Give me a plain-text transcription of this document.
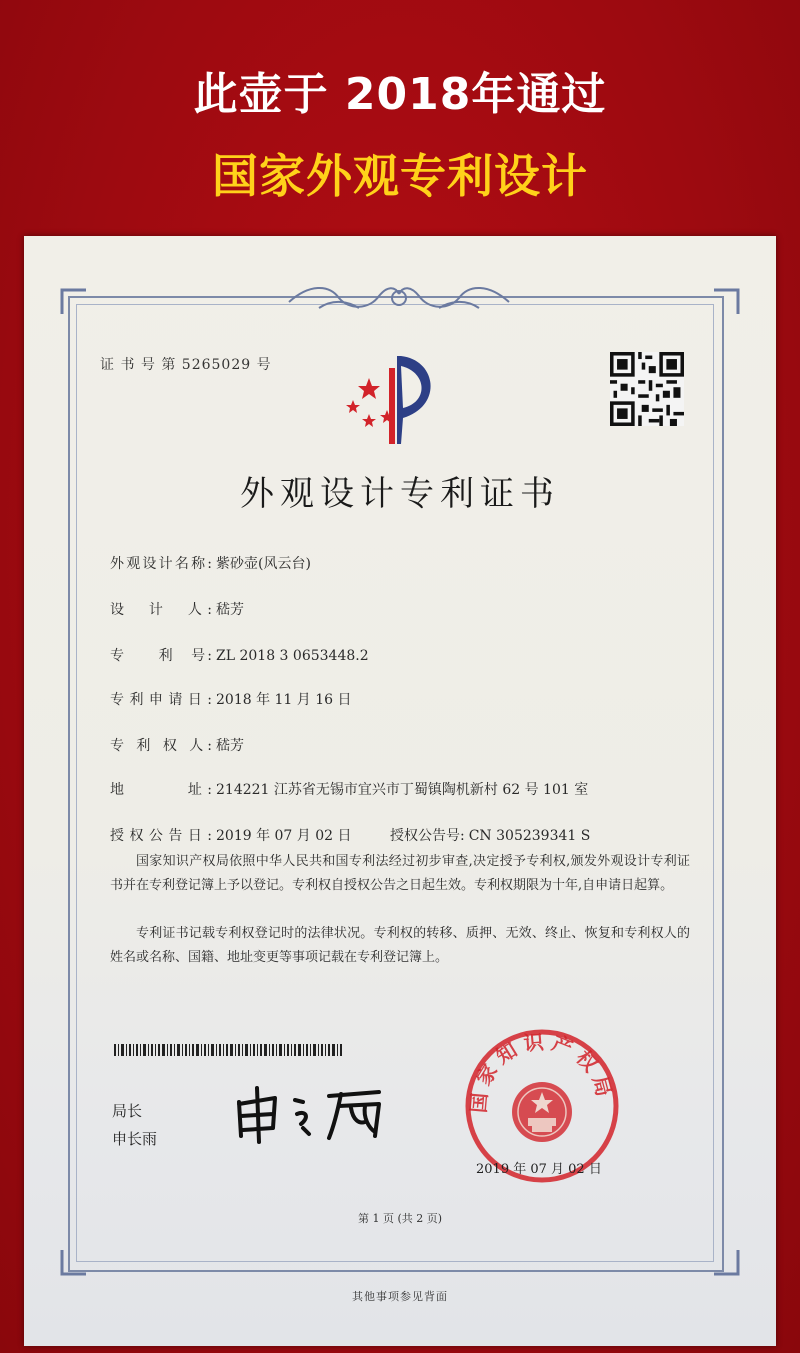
此壶于 2018年通过
国家外观专利设计
证 书 号 第 5265029 号
外观设计专利证书
外观设计名称: 紫砂壶(风云台)
设　计　人: 嵇芳
专　　利　号: ZL 2018 3 0653448.2
专利申请日: 2018 年 11 月 16 日
专 利 权 人: 嵇芳
地　　　址: 214221 江苏省无锡市宜兴市丁蜀镇陶机新村 62 号 101 室
授权公告日: 2019 年 07 月 02 日	授权公告号: CN 305239341 S
国家知识产权局依照中华人民共和国专利法经过初步审查,决定授予专利权,颁发外观设计专利证书并在专利登记簿上予以登记。专利权自授权公告之日起生效。专利权期限为十年,自申请日起算。
专利证书记载专利权登记时的法律状况。专利权的转移、质押、无效、终止、恢复和专利权人的姓名或名称、国籍、地址变更等事项记载在专利登记簿上。
局长
申长雨
国家知识产权局
2019 年 07 月 02 日
第 1 页 (共 2 页)
其他事项参见背面
